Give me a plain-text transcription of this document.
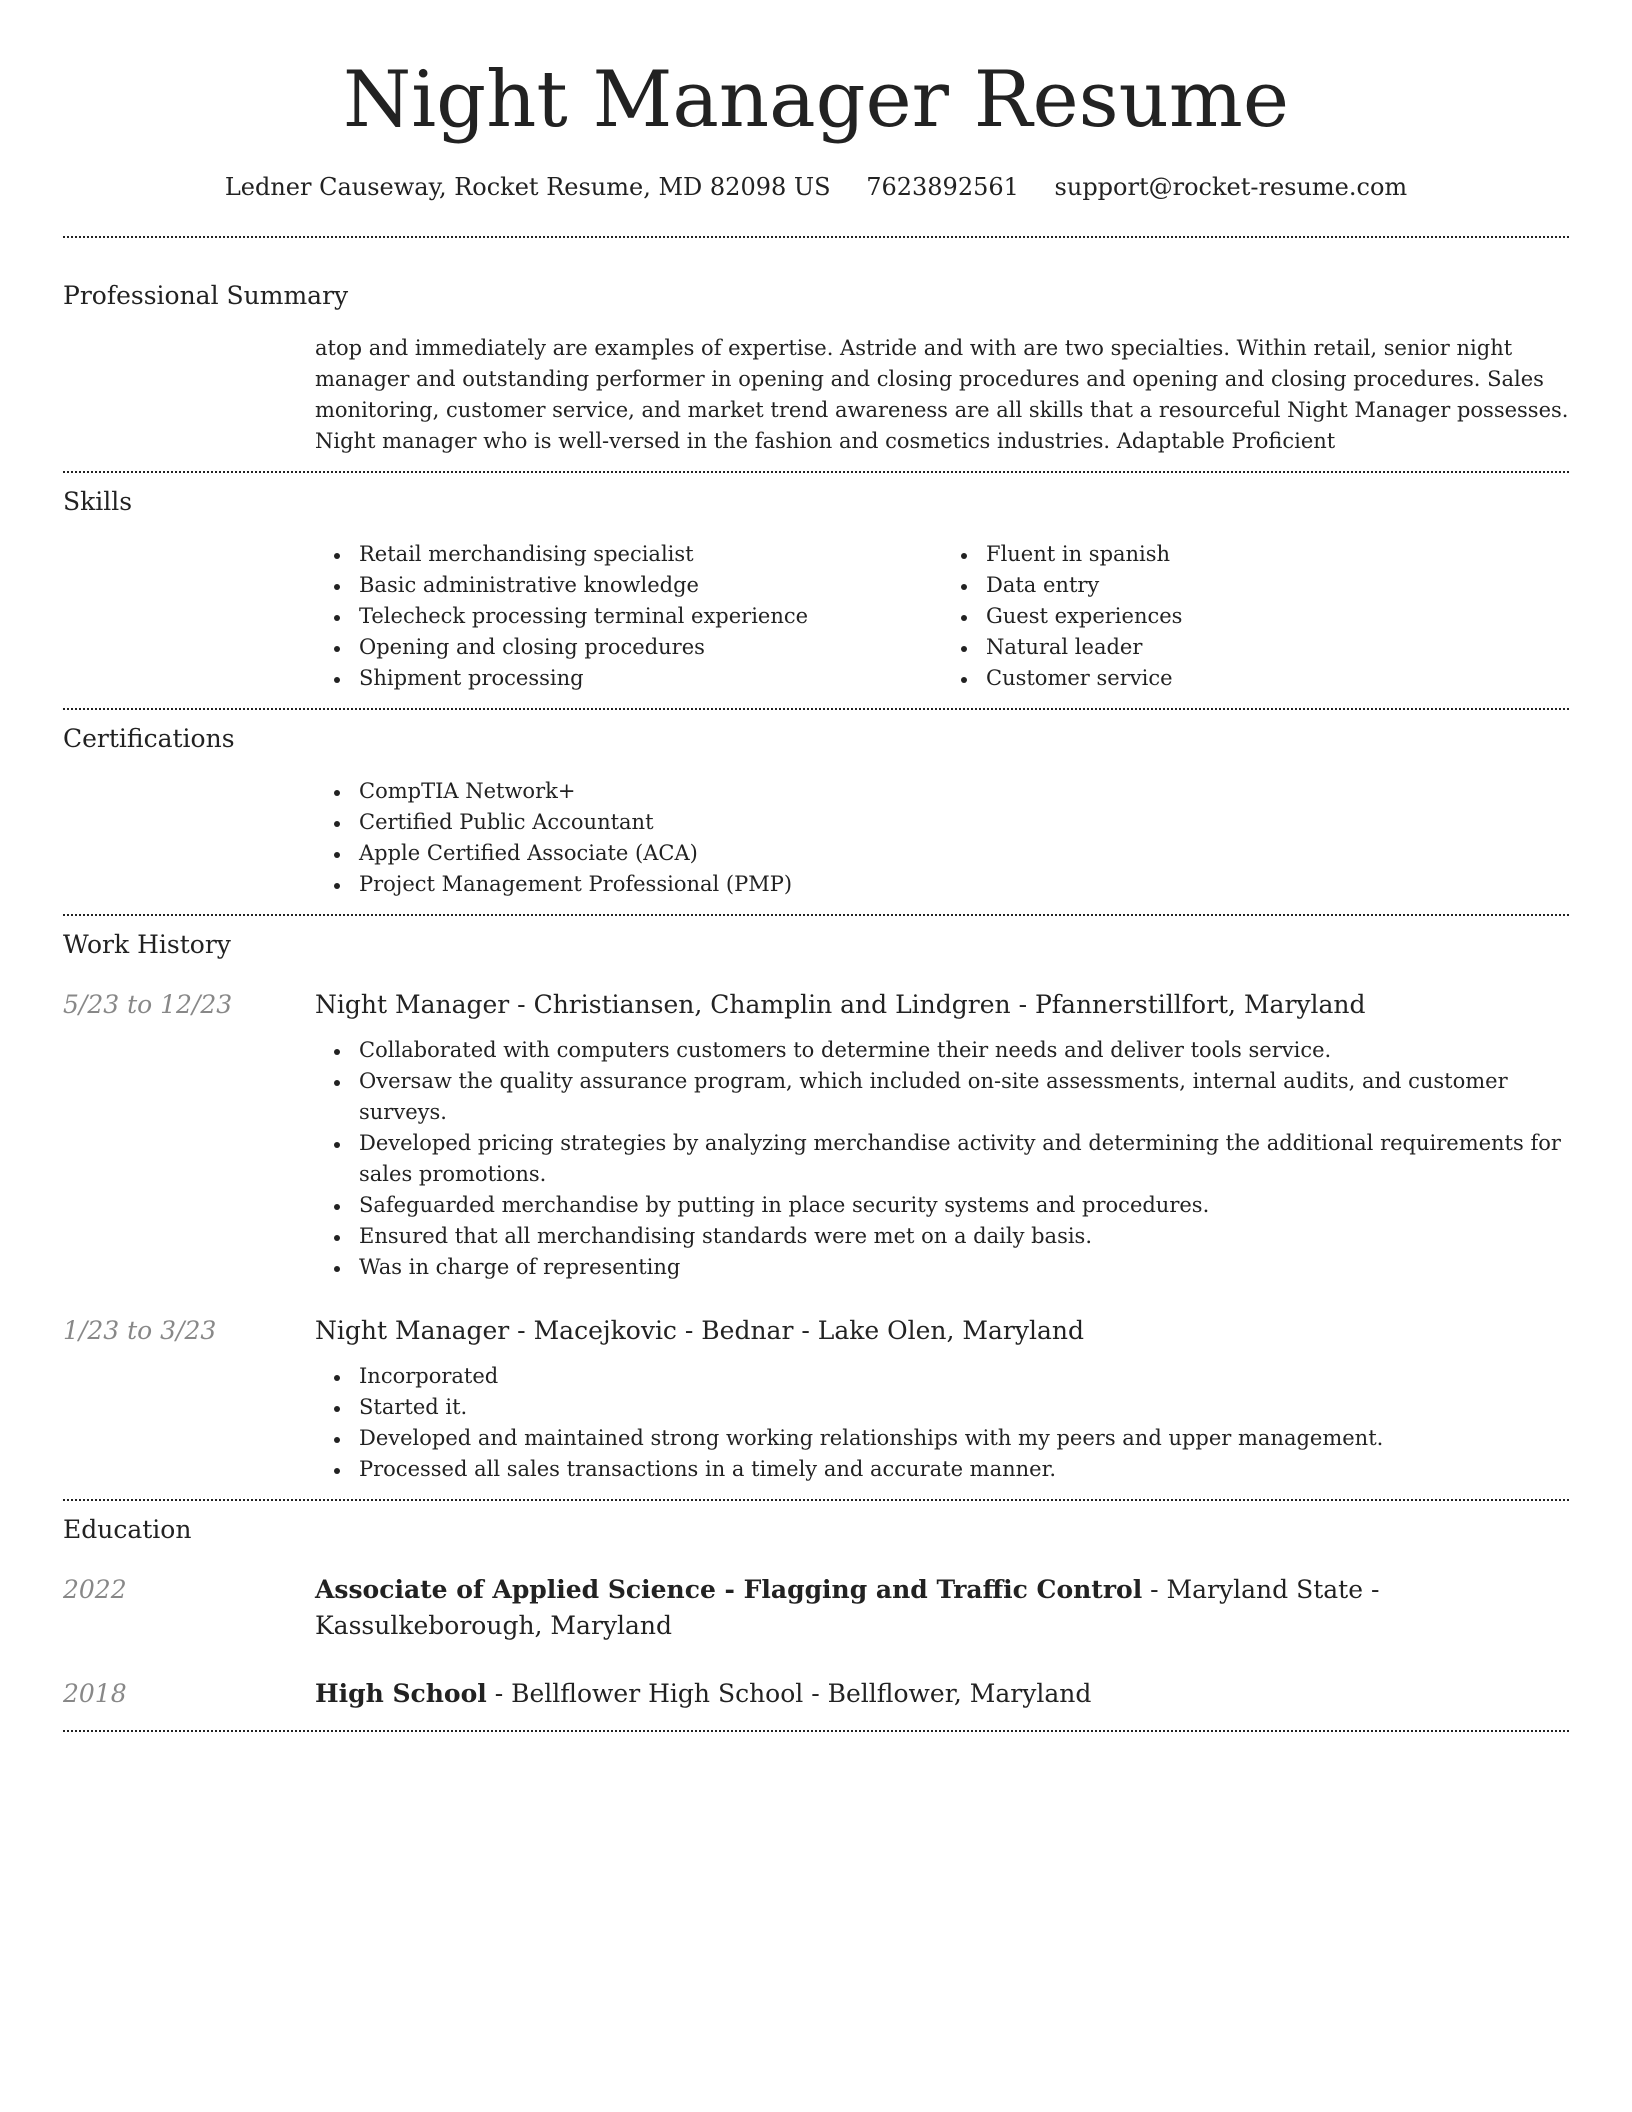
Night Manager Resume
Ledner Causeway, Rocket Resume, MD 82098 US 7623892561 support@rocket-resume.com
Professional Summary
atop and immediately are examples of expertise. Astride and with are two specialties. Within retail, senior night manager and outstanding performer in opening and closing procedures and opening and closing procedures. Sales monitoring, customer service, and market trend awareness are all skills that a resourceful Night Manager possesses. Night manager who is well-versed in the fashion and cosmetics industries. Adaptable Proficient
Skills
Retail merchandising specialist
Basic administrative knowledge
Telecheck processing terminal experience
Opening and closing procedures
Shipment processing
Fluent in spanish
Data entry
Guest experiences
Natural leader
Customer service
Certifications
CompTIA Network+
Certified Public Accountant
Apple Certified Associate (ACA)
Project Management Professional (PMP)
Work History
5/23 to 12/23	Night Manager - Christiansen, Champlin and Lindgren - Pfannerstillfort, Maryland
Collaborated with computers customers to determine their needs and deliver tools service.
Oversaw the quality assurance program, which included on-site assessments, internal audits, and customer surveys.
Developed pricing strategies by analyzing merchandise activity and determining the additional requirements for sales promotions.
Safeguarded merchandise by putting in place security systems and procedures.
Ensured that all merchandising standards were met on a daily basis.
Was in charge of representing
1/23 to 3/23	Night Manager - Macejkovic - Bednar - Lake Olen, Maryland
Incorporated
Started it.
Developed and maintained strong working relationships with my peers and upper management.
Processed all sales transactions in a timely and accurate manner.
Education
2022	Associate of Applied Science - Flagging and Traffic Control - Maryland State - Kassulkeborough, Maryland
2018	High School - Bellflower High School - Bellflower, Maryland
